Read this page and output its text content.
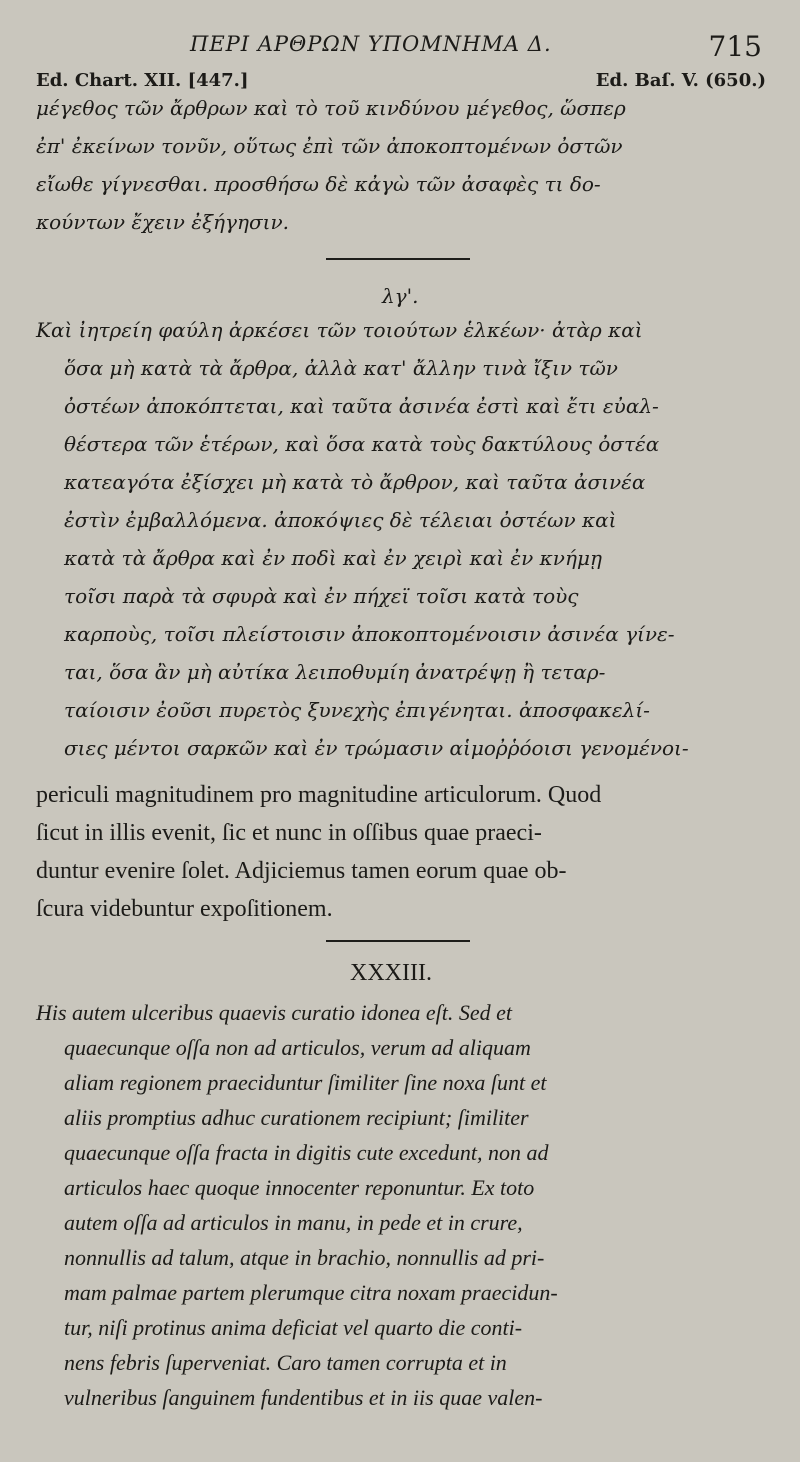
ΠΕΡΙ ΑΡΘΡΩΝ ΥΠΟΜΝΗΜΑ Δ.	715
Ed. Chart. XII. [447.]	Ed. Baſ. V. (650.)
μέγεθος τῶν ἄρθρων καὶ τὸ τοῦ κινδύνου μέγεθος, ὥσπερ
ἐπ' ἐκείνων τονῦν, οὕτως ἐπὶ τῶν ἀποκοπτομένων ὀστῶν
εἴωθε γίγνεσθαι. προσθήσω δὲ κἀγὼ τῶν ἀσαφὲς τι δο-
κούντων ἔχειν ἐξήγησιν.
λγ'.
Καὶ ἰητρείη φαύλη ἀρκέσει τῶν τοιούτων ἑλκέων· ἀτὰρ καὶ
ὅσα μὴ κατὰ τὰ ἄρθρα, ἀλλὰ κατ' ἄλλην τινὰ ἴξιν τῶν
ὀστέων ἀποκόπτεται, καὶ ταῦτα ἀσινέα ἐστὶ καὶ ἔτι εὐαλ-
θέστερα τῶν ἑτέρων, καὶ ὅσα κατὰ τοὺς δακτύλους ὀστέα
κατεαγότα ἐξίσχει μὴ κατὰ τὸ ἄρθρον, καὶ ταῦτα ἀσινέα
ἐστὶν ἐμβαλλόμενα. ἀποκόψιες δὲ τέλειαι ὀστέων καὶ
κατὰ τὰ ἄρθρα καὶ ἐν ποδὶ καὶ ἐν χειρὶ καὶ ἐν κνήμῃ
τοῖσι παρὰ τὰ σφυρὰ καὶ ἐν πήχεϊ τοῖσι κατὰ τοὺς
καρποὺς, τοῖσι πλείστοισιν ἀποκοπτομένοισιν ἀσινέα γίνε-
ται, ὅσα ἂν μὴ αὐτίκα λειποθυμίη ἀνατρέψῃ ἢ τεταρ-
ταίοισιν ἐοῦσι πυρετὸς ξυνεχὴς ἐπιγένηται. ἀποσφακελί-
σιες μέντοι σαρκῶν καὶ ἐν τρώμασιν αἱμοῤῥόοισι γενομένοι-
periculi magnitudinem pro magnitudine articulorum. Quod
ſicut in illis evenit, ſic et nunc in oſſibus quae praeci-
duntur evenire ſolet. Adjiciemus tamen eorum quae ob-
ſcura videbuntur expoſitionem.
XXXIII.
His autem ulceribus quaevis curatio idonea eſt. Sed et
quaecunque oſſa non ad articulos, verum ad aliquam
aliam regionem praeciduntur ſimiliter ſine noxa ſunt et
aliis promptius adhuc curationem recipiunt; ſimiliter
quaecunque oſſa fracta in digitis cute excedunt, non ad
articulos haec quoque innocenter reponuntur. Ex toto
autem oſſa ad articulos in manu, in pede et in crure,
nonnullis ad talum, atque in brachio, nonnullis ad pri-
mam palmae partem plerumque citra noxam praecidun-
tur, niſi protinus anima deficiat vel quarto die conti-
nens febris ſuperveniat. Caro tamen corrupta et in
vulneribus ſanguinem fundentibus et in iis quae valen-
